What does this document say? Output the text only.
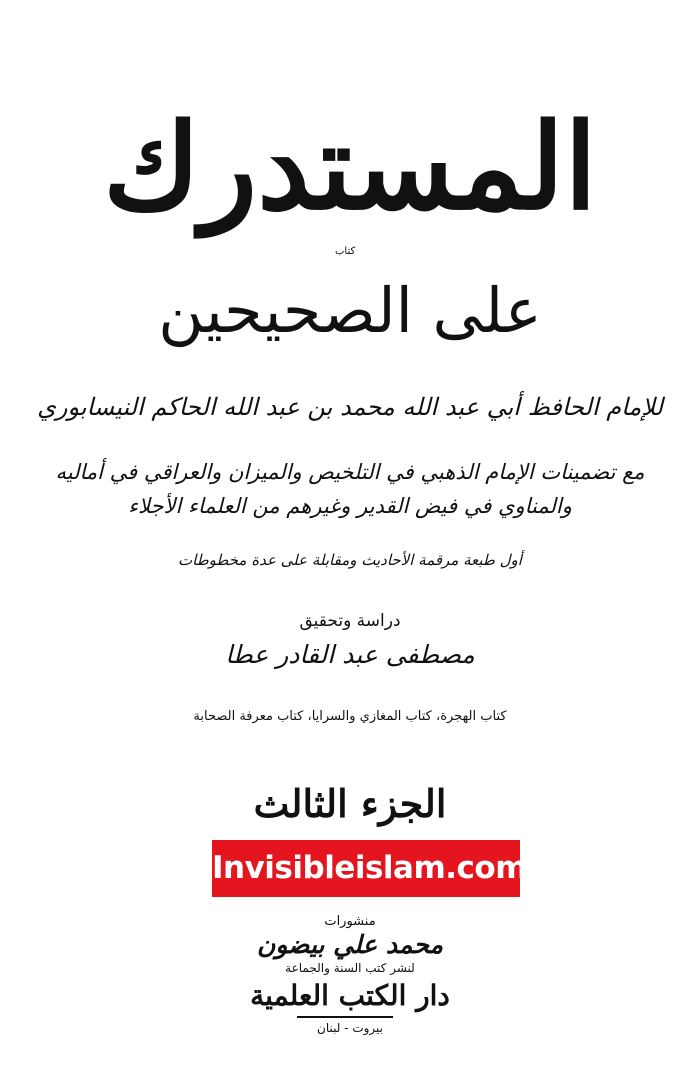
المستدرك
كتاب
على الصحيحين
للإمام الحافظ أبي عبد الله محمد بن عبد الله الحاكم النيسابوري
مع تضمينات الإمام الذهبي في التلخيص والميزان والعراقي في أماليه والمناوي في فيض القدير وغيرهم من العلماء الأجلاء
أول طبعة مرقمة الأحاديث ومقابلة على عدة مخطوطات
دراسة وتحقيق
مصطفى عبد القادر عطا
كتاب الهجرة، كتاب المغازي والسرايا، كتاب معرفة الصحابة
الجزء الثالث
Invisibleislam.com
منشورات
محمد علي بيضون
لنشر كتب السنة والجماعة
دار الكتب العلمية
بيروت - لبنان
